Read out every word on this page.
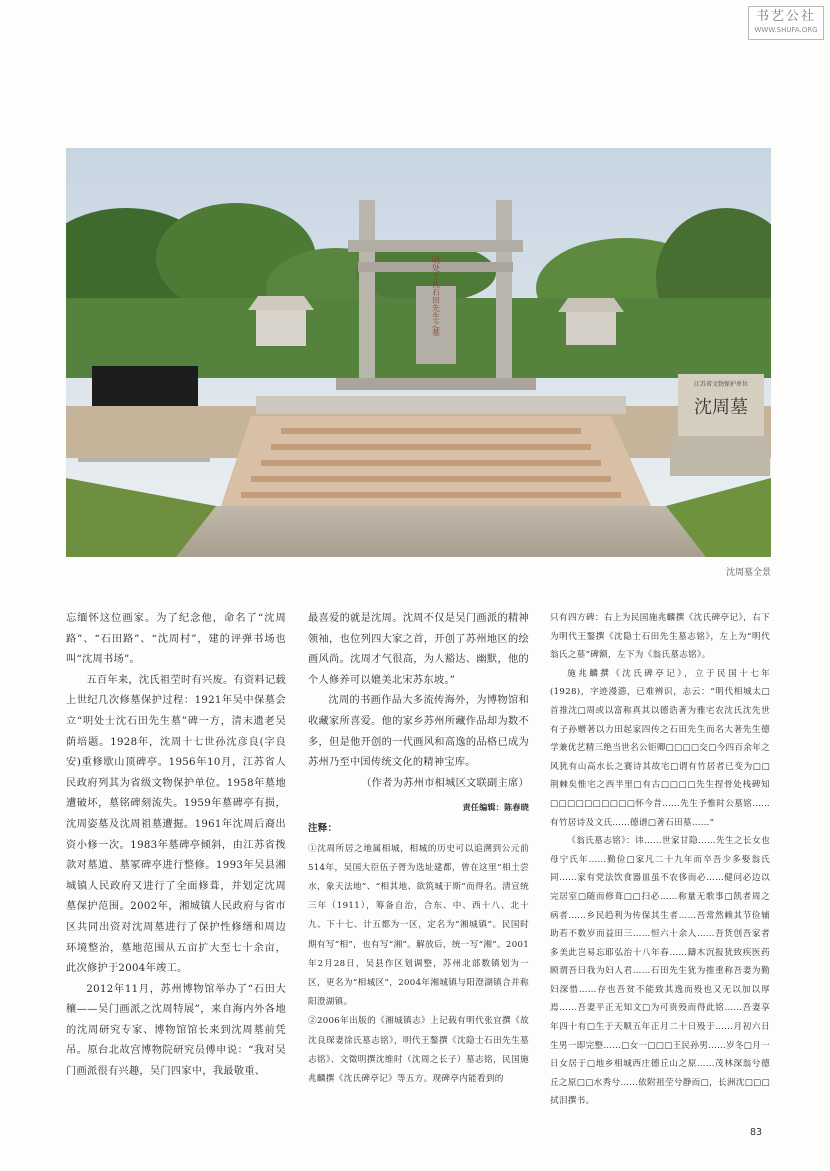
书艺公社
WWW.SHUFA.ORG
明处士沈石田先生之墓
江苏省文物保护单位
沈周墓
沈周墓全景

忘缅怀这位画家。为了纪念他，命名了“沈周路”、“石田路”、“沈周村”，建的评弹书场也叫“沈周书场”。

五百年来，沈氏祖茔时有兴废。有资料记载上世纪几次修墓保护过程：1921年吴中保墓会立“明处士沈石田先生墓”碑一方，清末遗老吴荫培题。1928年，沈周十七世孙沈彦良(字良安)重修歇山顶碑亭。1956年10月，江苏省人民政府列其为省级文物保护单位。1958年墓地遭破坏，墓铭碑刻流失。1959年墓碑亭有损，沈周姿墓及沈周祖墓遭掘。1961年沈周后裔出资小修一次。1983年墓碑亭倾斜，由江苏省拨款对墓道、墓冢碑亭进行整修。1993年吴县湘城镇人民政府又进行了全面修葺，并划定沈周墓保护范围。2002年，湘城镇人民政府与省市区共同出资对沈周墓进行了保护性修缮和周边环境整治，墓地范围从五亩扩大至七十余亩，此次修护于2004年竣工。

2012年11月，苏州博物馆举办了“石田大穰——吴门画派之沈周特展”，来自海内外各地的沈周研究专家、博物馆馆长来到沈周墓前凭吊。原台北故宫博物院研究员傅申说：“我对吴门画派很有兴趣，吴门四家中，我最敬重、

最喜爱的就是沈周。沈周不仅是吴门画派的精神领袖，也位列四大家之首，开创了苏州地区的绘画风尚。沈周才气很高，为人豁达、幽默，他的个人修养可以媲美北宋苏东坡。”

沈周的书画作品大多流传海外，为博物馆和收藏家所喜爱。他的家乡苏州所藏作品却为数不多，但是他开创的一代画风和高逸的品格已成为苏州乃至中国传统文化的精神宝库。

（作者为苏州市相城区文联副主席）

责任编辑：陈春晓

注释：

①沈周所居之地属相城，相城的历史可以追溯到公元前514年，吴国大臣伍子胥为选址建都，曾在这里“相土尝水，象天法地”、“相其地、欲筑城于斯”而得名。清宣统三年（1911），筹备自治，合东、中、西十八、北十九、下十七、计五都为一区，定名为“湘城镇”。民国时期有写“相”，也有写“湘”。解放后，统一写“湘”。2001年2月28日，吴县作区划调整，苏州北部数镇划为一区，更名为“相城区”，2004年湘城镇与阳澄湖镇合并称阳澄湖镇。

②2006年出版的《湘城镇志》上记载有明代张宜撰《故沈良琛妻徐氏墓志铭》，明代王鏊撰《沈隐士石田先生墓志铭》、文徵明撰沈维时（沈周之长子）墓志铭，民国施兆麟撰《沈氏碑亭记》等五方。现碑亭内能看到的

只有四方碑：右上为民国施兆麟撰《沈氏碑亭记》，右下为明代王鏊撰《沈隐士石田先生墓志铭》，左上为“明代翁氏之墓”碑额，左下为《翁氏墓志铭》。

施兆麟撰《沈氏碑亭记》，立于民国十七年(1928)，字迹漫漶，已难辨识，志云：“明代相城太□首推沈□周或以富称真其以德诰著为雅宅农沈氏沈先世有子孙赠著以力田起家四传之石田先生而名大著先生德学兼优艺精三绝当世名公钜卿□□□□交□今四百余年之风犹有山高水长之赛诗其故宅□谓有竹居者已变为□□荆棘矣惟宅之西半里□有古□□□□先生捏骨处栈碑知□□□□□□□□□□怀今昔……先生予惟时公墓铭……有竹居诗及文氏……德谱□著石田墓……”

《翁氏墓志铭》：讳……世家甘隐……先生之长女也母宁氏年……勤俭□家凡二十九年而卒吾少多娶翁氏同……家有党法饮食器皿虽不农侈而必……健问必边以完居室□随而修葺□□扫必……称量无歌事□凯者周之病者……乡民趋利为传保其生者……吾常然赖其节俭辅助若不数岁而益田三……恒六十余人……吾货创吾家者多美此岂易忘耶弘治十八年春……鑄木沉报犹致疾医药顾谓吾曰我为妇人君……石田先生犹为推重称吾妻为勤妇深惜……存也吾贫不能致其逸而殁也又无以加以厚焉……吾妻平正无知文□为可贵殁而得此铭……吾妻享年四十有□生于天顺五年正月二十日殁于……月初六日生男一即完整……□女一□□□王民孙男……岁冬□月一日女居于□地乡相城西庄德丘山之原……茂林深翁兮德丘之原□□水秀兮……依附祖茔兮静而□，长洲沈□□□拭泪撰书。

83
